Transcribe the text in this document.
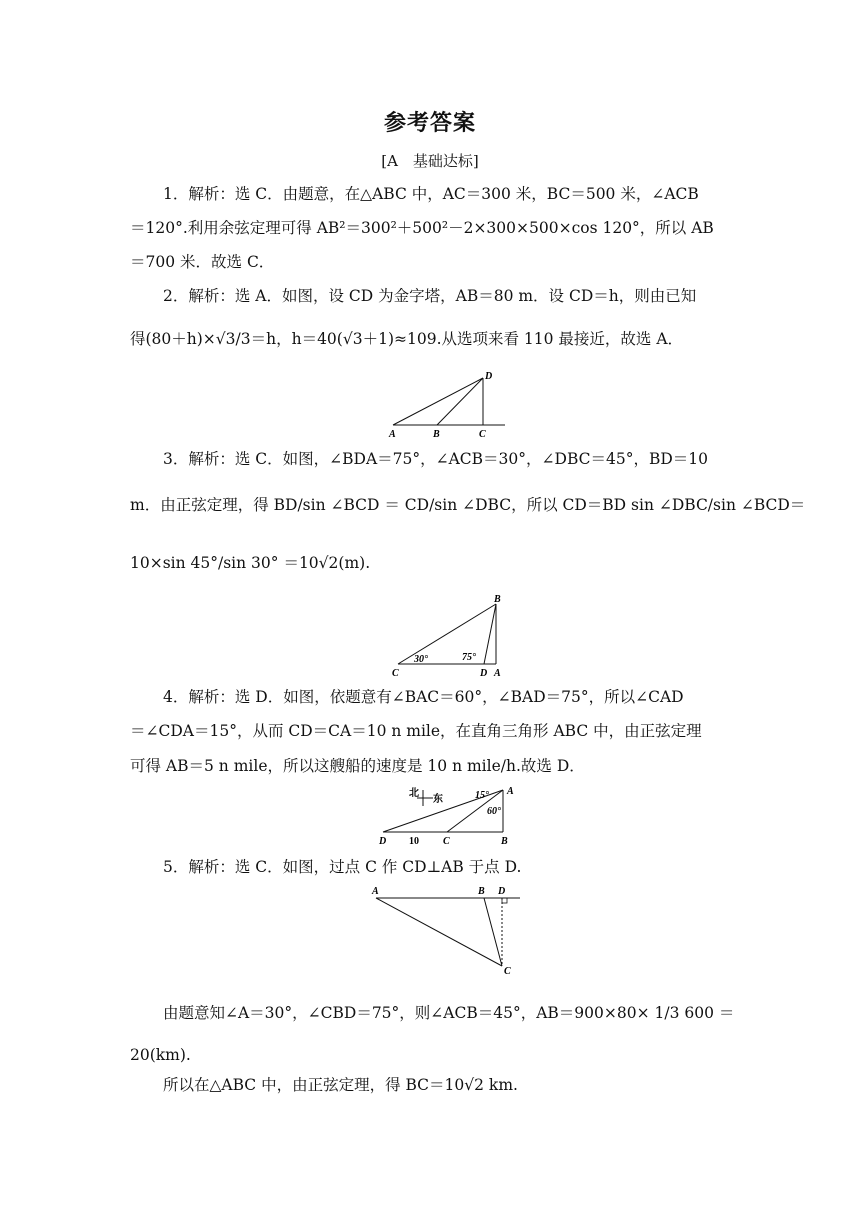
参考答案
[A　基础达标]
1．解析：选 C．由题意，在△ABC 中，AC＝300 米，BC＝500 米，∠ACB
＝120°.利用余弦定理可得 AB²＝300²＋500²－2×300×500×cos 120°，所以 AB
＝700 米．故选 C．
2．解析：选 A．如图，设 CD 为金字塔，AB＝80 m．设 CD＝h，则由已知
得(80＋h)×√3/3＝h，h＝40(√3＋1)≈109.从选项来看 110 最接近，故选 A．
A	B	C
D
3．解析：选 C．如图，∠BDA＝75°，∠ACB＝30°，∠DBC＝45°，BD＝10
m．由正弦定理，得 BD/sin ∠BCD ＝ CD/sin ∠DBC，所以 CD＝BD sin ∠DBC/sin ∠BCD＝
10×sin 45°/sin 30° ＝10√2(m).
B
C	D A
30°	75°
4．解析：选 D．如图，依题意有∠BAC＝60°，∠BAD＝75°，所以∠CAD
＝∠CDA＝15°，从而 CD＝CA＝10 n mile，在直角三角形 ABC 中，由正弦定理
可得 AB＝5 n mile，所以这艘船的速度是 10 n mile/h.故选 D．
北
东	15°
60°
A
B
C
D 10
5．解析：选 C．如图，过点 C 作 CD⊥AB 于点 D.
A	B D
C
由题意知∠A＝30°，∠CBD＝75°，则∠ACB＝45°，AB＝900×80× 1/3 600 ＝
20(km).
所以在△ABC 中，由正弦定理，得 BC＝10√2 km.
